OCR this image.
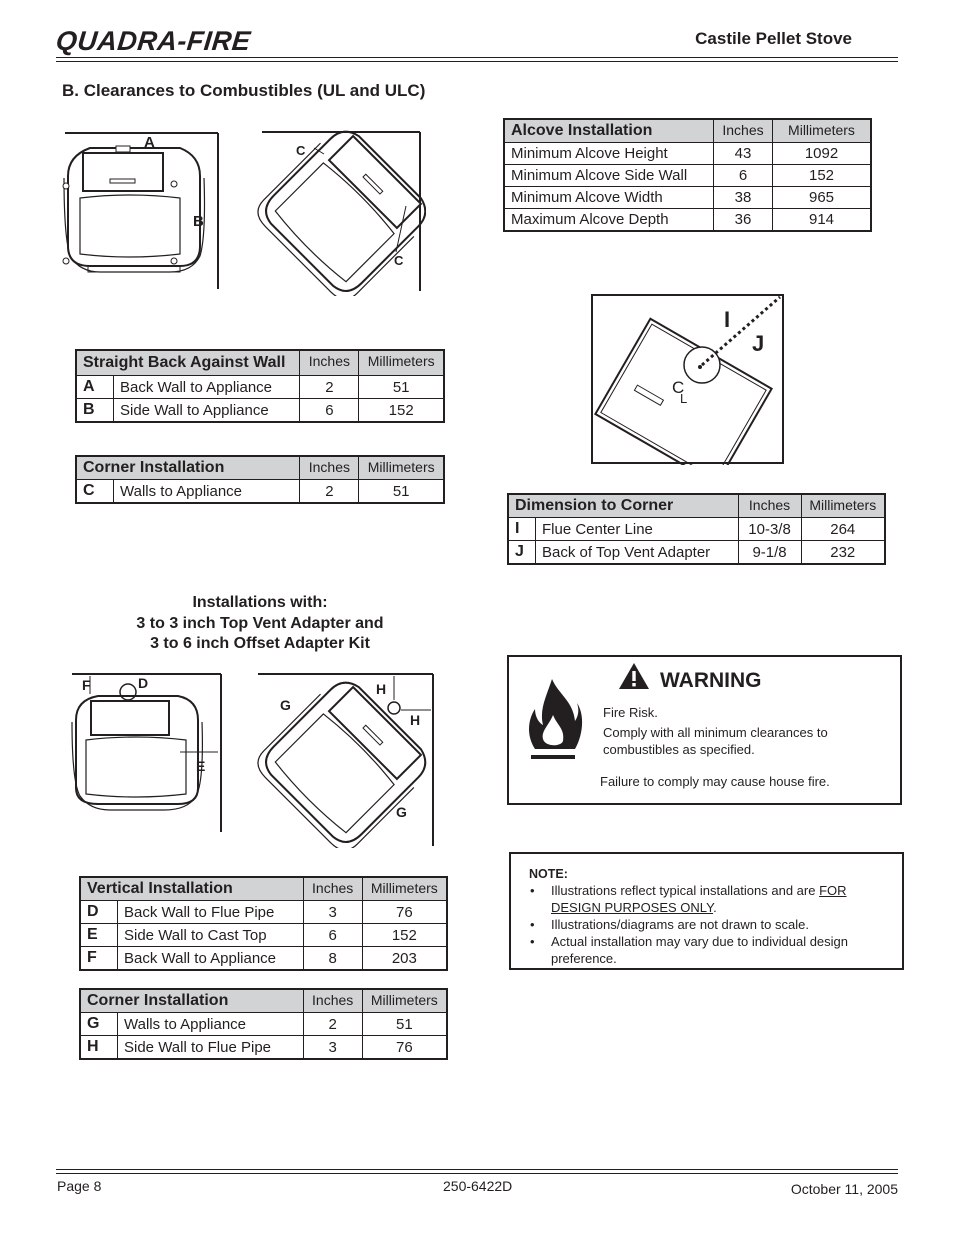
QUADRA-FIRE	Castile Pellet Stove
B. Clearances to Combustibles (UL and ULC)
A
B
C
C
Alcove Installation	Inches	Millimeters
Minimum Alcove Height	43	1092
Minimum Alcove Side Wall	6	152
Minimum Alcove Width	38	965
Maximum Alcove Depth	36	914
I
J
C
L
Straight Back Against Wall		Inches	Millimeters
A	Back Wall to Appliance	2	51
B	Side Wall to Appliance	6	152
Corner Installation		Inches	Millimeters
C	Walls to Appliance	2	51
Dimension to Corner		Inches	Millimeters
I	Flue Center Line	10-3/8	264
J	Back of Top Vent Adapter	9-1/8	232
Installations with:
3 to 3 inch Top Vent Adapter and
3 to 6 inch Offset Adapter Kit
F	D
E
H
H
G
G
WARNING
Fire Risk.
Comply with all minimum clearances to
combustibles as specified.
Failure to comply may cause house fire.
NOTE:
• Illustrations reflect typical installations and are FOR DESIGN PURPOSES ONLY.
• Illustrations/diagrams are not drawn to scale.
• Actual installation may vary due to individual design preference.
Vertical Installation		Inches	Millimeters
D	Back Wall to Flue Pipe	3	76
E	Side Wall to Cast Top	6	152
F	Back Wall to Appliance	8	203
Corner Installation		Inches	Millimeters
G	Walls to Appliance	2	51
H	Side Wall to Flue Pipe	3	76
Page 8	250-6422D	October 11, 2005
